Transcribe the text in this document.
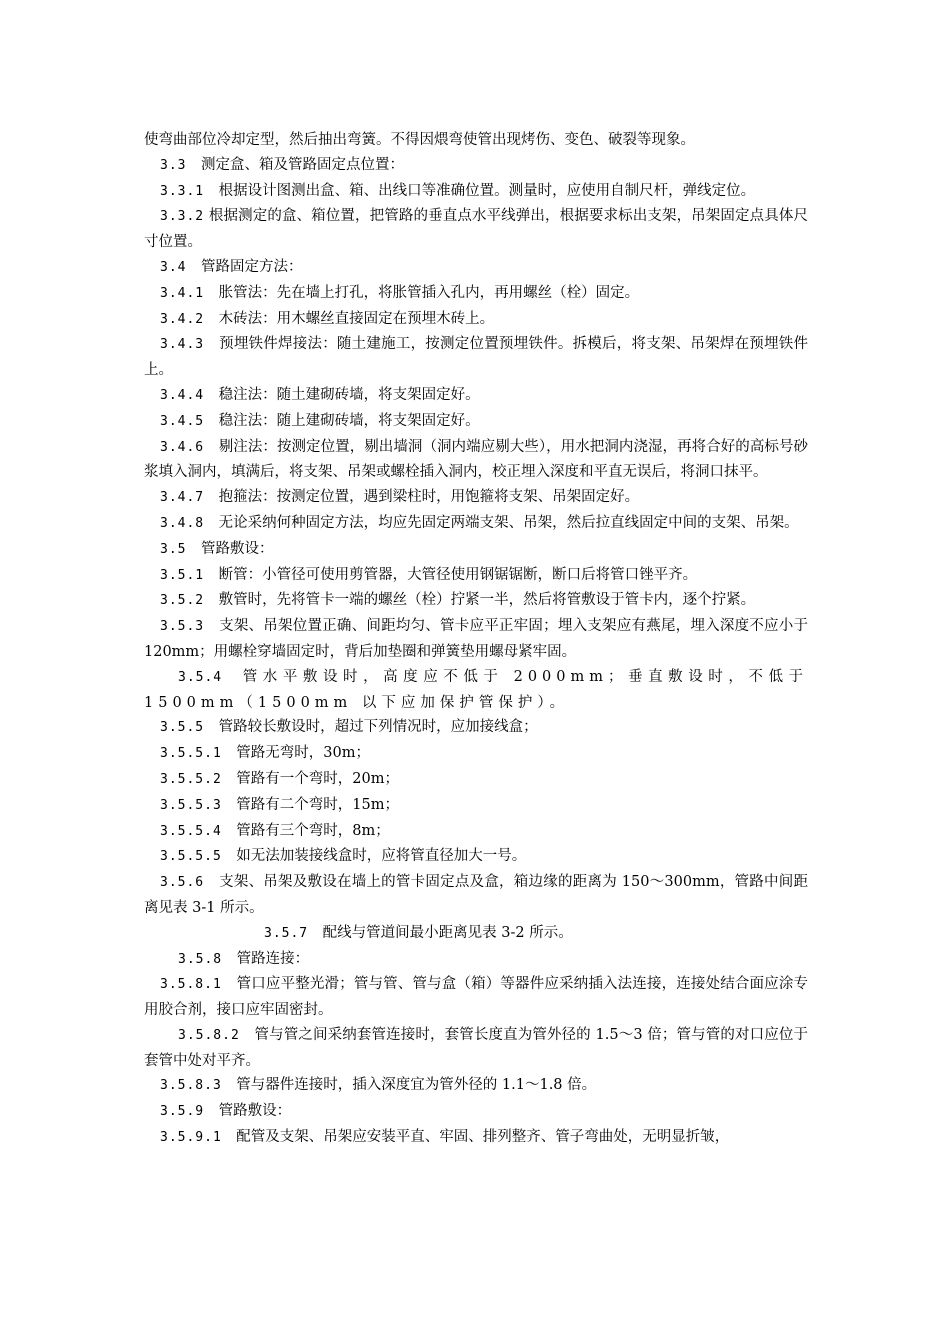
使弯曲部位冷却定型，然后抽出弯簧。不得因煨弯使管出现烤伤、变色、破裂等现象。

3.3　测定盒、箱及管路固定点位置：

3.3.1　根据设计图测出盒、箱、出线口等准确位置。测量时，应使用自制尺杆，弹线定位。

3.3.2 根据测定的盒、箱位置，把管路的垂直点水平线弹出，根据要求标出支架，吊架固定点具体尺寸位置。

3.4　管路固定方法：

3.4.1　胀管法：先在墙上打孔，将胀管插入孔内，再用螺丝（栓）固定。

3.4.2　木砖法：用木螺丝直接固定在预埋木砖上。

3.4.3　预埋铁件焊接法：随土建施工，按测定位置预埋铁件。拆模后，将支架、吊架焊在预埋铁件上。

3.4.4　稳注法：随土建砌砖墙，将支架固定好。

3.4.5　稳注法：随上建砌砖墙，将支架固定好。

3.4.6　剔注法：按测定位置，剔出墙洞（洞内端应剔大些），用水把洞内浇湿，再将合好的高标号砂浆填入洞内，填满后，将支架、吊架或螺栓插入洞内，校正埋入深度和平直无误后，将洞口抹平。

3.4.7　抱箍法：按测定位置，遇到梁柱时，用饱箍将支架、吊架固定好。

3.4.8　无论采纳何种固定方法，均应先固定两端支架、吊架，然后拉直线固定中间的支架、吊架。

3.5　管路敷设：

3.5.1　断管：小管径可使用剪管器，大管径使用钢锯锯断，断口后将管口锉平齐。

3.5.2　敷管时，先将管卡一端的螺丝（栓）拧紧一半，然后将管敷设于管卡内，逐个拧紧。

3.5.3　支架、吊架位置正确、间距均匀、管卡应平正牢固；埋入支架应有燕尾，埋入深度不应小于 120mm；用螺栓穿墙固定时，背后加垫圈和弹簧垫用螺母紧牢固。

3.5.4　管水平敷设时，高度应不低于 2000mm；垂直敷设时，不低于 1500mm（1500mm 以下应加保护管保护）。

3.5.5　管路较长敷设时，超过下列情况时，应加接线盒；

3.5.5.1　管路无弯时，30m；

3.5.5.2　管路有一个弯时，20m；

3.5.5.3　管路有二个弯时，15m；

3.5.5.4　管路有三个弯时，8m；

3.5.5.5　如无法加装接线盒时，应将管直径加大一号。

3.5.6　支架、吊架及敷设在墙上的管卡固定点及盒，箱边缘的距离为 150～300mm，管路中间距离见表 3-1 所示。

3.5.7　配线与管道间最小距离见表 3-2 所示。

3.5.8　管路连接：

3.5.8.1　管口应平整光滑；管与管、管与盒（箱）等器件应采纳插入法连接，连接处结合面应涂专用胶合剂，接口应牢固密封。

3.5.8.2　管与管之间采纳套管连接时，套管长度直为管外径的 1.5～3 倍；管与管的对口应位于套管中处对平齐。

3.5.8.3　管与器件连接时，插入深度宜为管外径的 1.1～1.8 倍。

3.5.9　管路敷设：

3.5.9.1　配管及支架、吊架应安装平直、牢固、排列整齐、管子弯曲处，无明显折皱，
